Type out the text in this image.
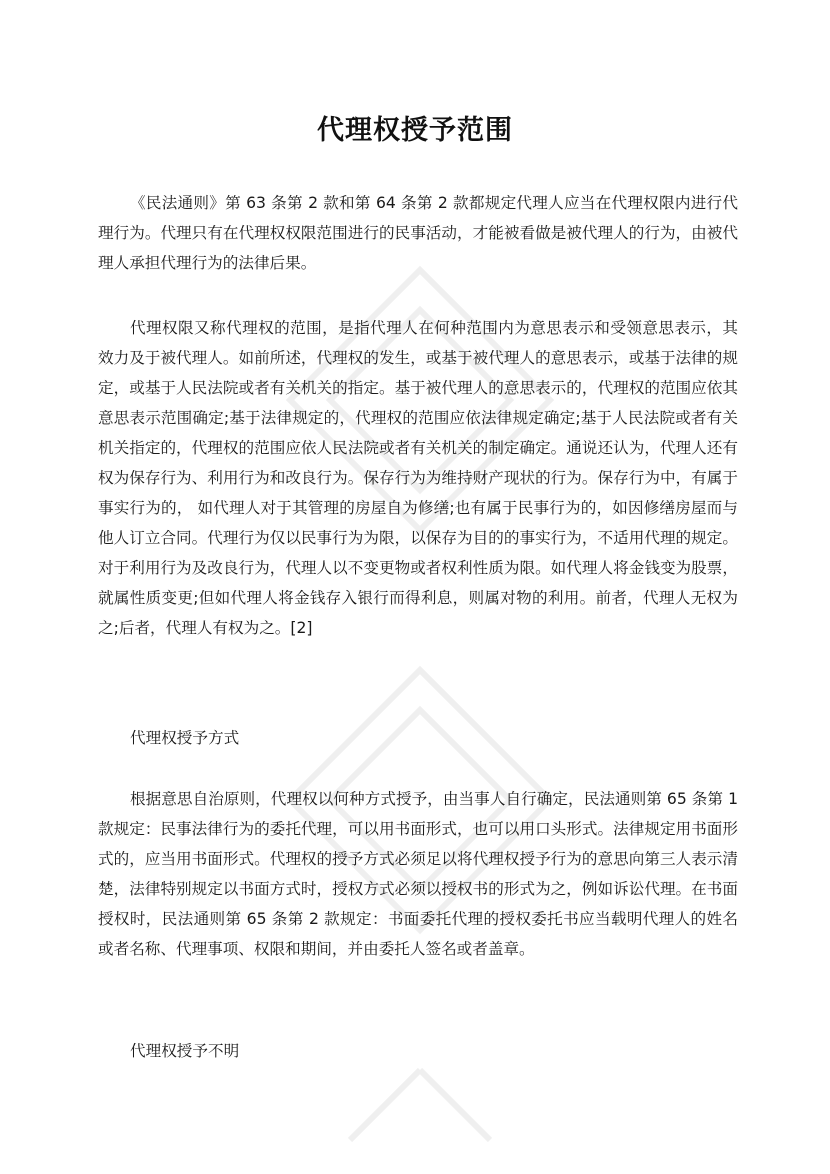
代理权授予范围

《民法通则》第 63 条第 2 款和第 64 条第 2 款都规定代理人应当在代理权限内进行代理行为。代理只有在代理权权限范围进行的民事活动，才能被看做是被代理人的行为，由被代理人承担代理行为的法律后果。

代理权限又称代理权的范围，是指代理人在何种范围内为意思表示和受领意思表示，其效力及于被代理人。如前所述，代理权的发生，或基于被代理人的意思表示，或基于法律的规定，或基于人民法院或者有关机关的指定。基于被代理人的意思表示的，代理权的范围应依其意思表示范围确定;基于法律规定的，代理权的范围应依法律规定确定;基于人民法院或者有关机关指定的，代理权的范围应依人民法院或者有关机关的制定确定。通说还认为，代理人还有权为保存行为、利用行为和改良行为。保存行为为维持财产现状的行为。保存行为中，有属于事实行为的， 如代理人对于其管理的房屋自为修缮;也有属于民事行为的，如因修缮房屋而与他人订立合同。代理行为仅以民事行为为限，以保存为目的的事实行为，不适用代理的规定。对于利用行为及改良行为，代理人以不变更物或者权利性质为限。如代理人将金钱变为股票，就属性质变更;但如代理人将金钱存入银行而得利息，则属对物的利用。前者，代理人无权为之;后者，代理人有权为之。[2]

代理权授予方式

根据意思自治原则，代理权以何种方式授予，由当事人自行确定，民法通则第 65 条第 1 款规定：民事法律行为的委托代理，可以用书面形式，也可以用口头形式。法律规定用书面形式的，应当用书面形式。代理权的授予方式必须足以将代理权授予行为的意思向第三人表示清楚，法律特别规定以书面方式时，授权方式必须以授权书的形式为之，例如诉讼代理。在书面授权时，民法通则第 65 条第 2 款规定：书面委托代理的授权委托书应当载明代理人的姓名或者名称、代理事项、权限和期间，并由委托人签名或者盖章。

代理权授予不明
